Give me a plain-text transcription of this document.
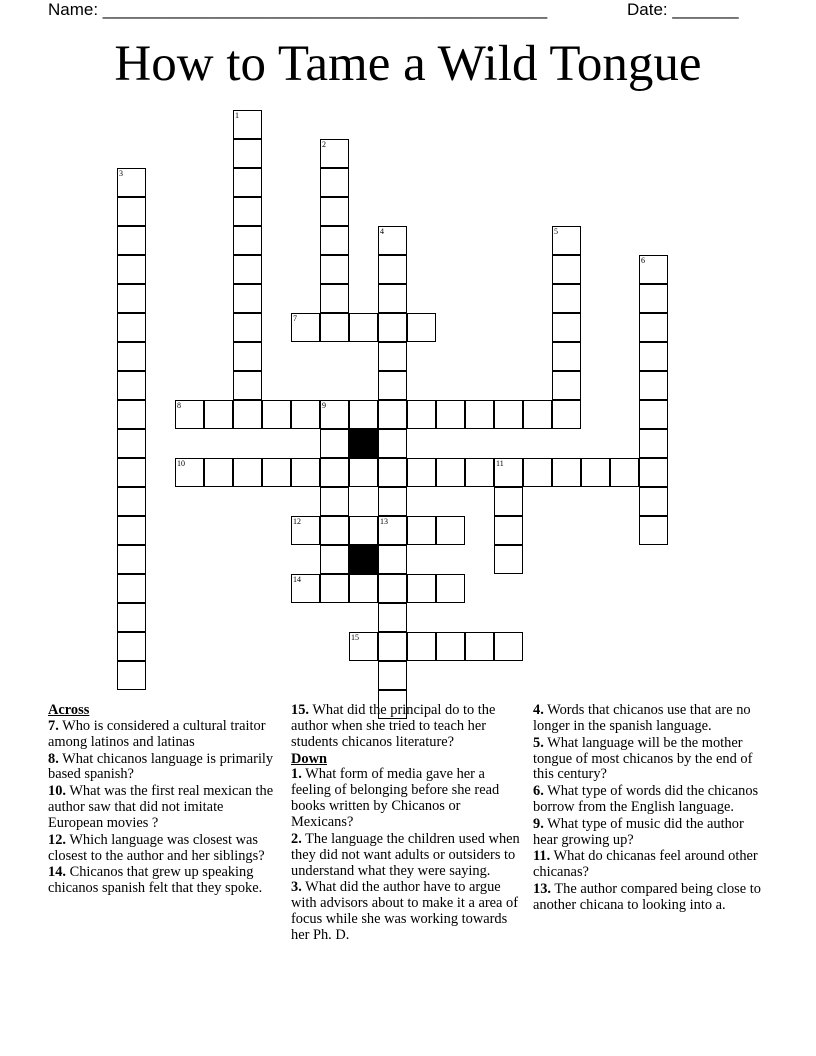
Name: _______________________________________________	Date: _______
How to Tame a Wild Tongue
1
2
3
4
13
5
6
7
8	9
10	11
12
14
15
Across
7. Who is considered a cultural traitor among latinos and latinas
8. What chicanos language is primarily based spanish?
10. What was the first real mexican the author saw that did not imitate European movies ?
12. Which language was closest was closest to the author and her siblings?
14. Chicanos that grew up speaking chicanos spanish felt that they spoke.
15. What did the principal do to the author when she tried to teach her students chicanos literature?
Down
1. What form of media gave her a feeling of belonging before she read books written by Chicanos or Mexicans?
2. The language the children used when they did not want adults or outsiders to understand what they were saying.
3. What did the author have to argue with advisors about to make it a area of focus while she was working towards her Ph. D.
4. Words that chicanos use that are no longer in the spanish language.
5. What language will be the mother tongue of most chicanos by the end of this century?
6. What type of words did the chicanos borrow from the English language.
9. What type of music did the author hear growing up?
11. What do chicanas feel around other chicanas?
13. The author compared being close to another chicana to looking into a.
